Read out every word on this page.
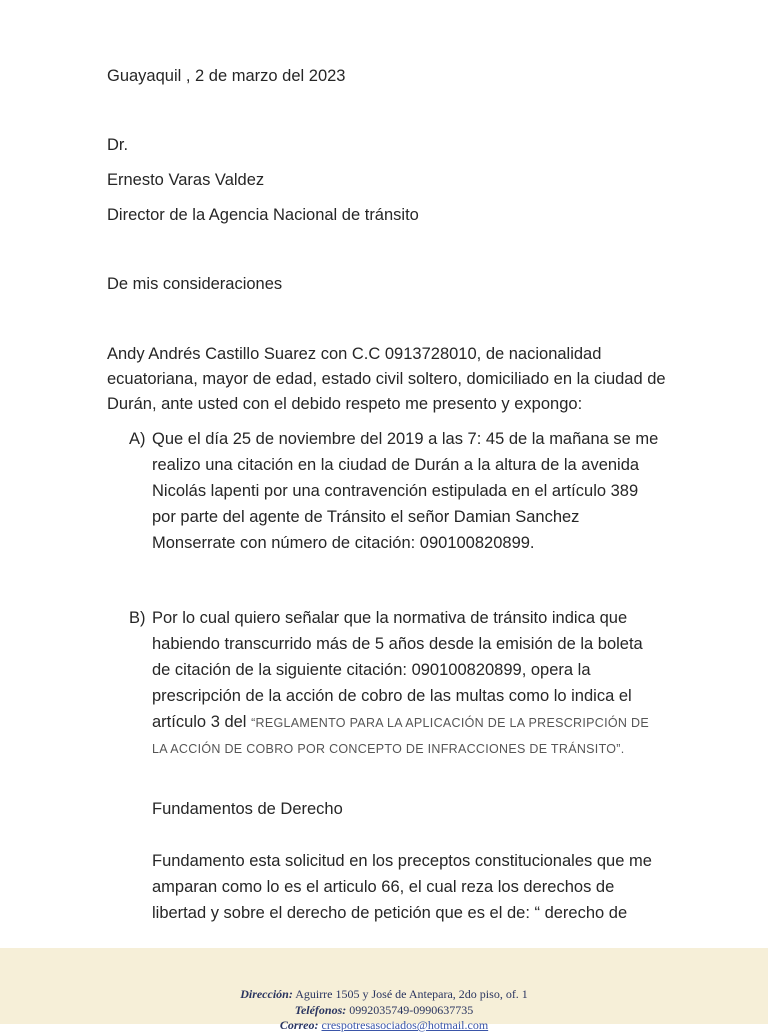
Guayaquil , 2 de marzo del 2023
Dr.
Ernesto Varas Valdez
Director de la Agencia Nacional de tránsito
De mis consideraciones
Andy Andrés Castillo Suarez con C.C 0913728010, de nacionalidad ecuatoriana, mayor de edad, estado civil soltero, domiciliado en la ciudad de Durán, ante usted con el debido respeto me presento y expongo:
A) Que el día 25 de noviembre del 2019 a las 7: 45 de la mañana se me realizo una citación en la ciudad de Durán a la altura de la avenida Nicolás lapenti por una contravención estipulada en el artículo 389 por parte del agente de Tránsito el señor Damian Sanchez Monserrate con número de citación: 090100820899.
B) Por lo cual quiero señalar que la normativa de tránsito indica que habiendo transcurrido más de 5 años desde la emisión de la boleta de citación de la siguiente citación: 090100820899, opera la prescripción de la acción de cobro de las multas como lo indica el artículo 3 del “REGLAMENTO PARA LA APLICACIÓN DE LA PRESCRIPCIÓN DE LA ACCIÓN DE COBRO POR CONCEPTO DE INFRACCIONES DE TRÁNSITO”.
Fundamentos de Derecho
Fundamento esta solicitud en los preceptos constitucionales que me amparan como lo es el articulo 66, el cual reza los derechos de libertad y sobre el derecho de petición que es el de: “ derecho de
Dirección: Aguirre 1505 y José de Antepara, 2do piso, of. 1
Teléfonos: 0992035749-0990637735
Correo: crespotresasociados@hotmail.com
